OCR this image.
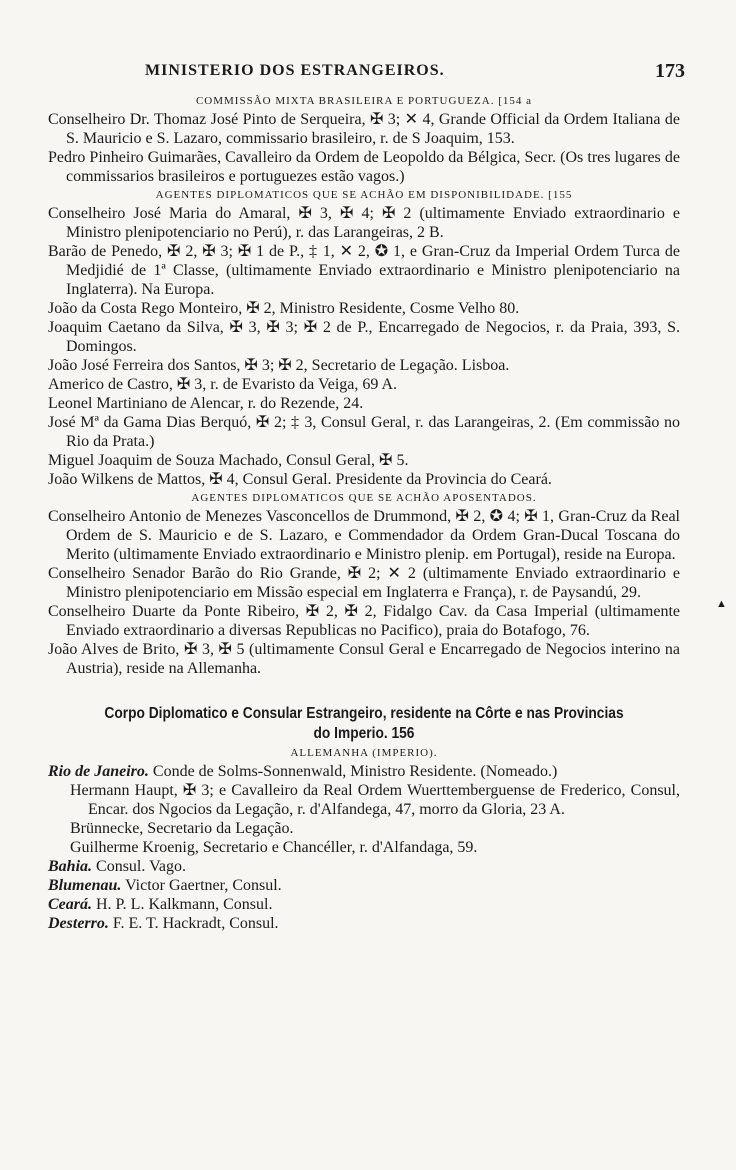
MINISTERIO DOS ESTRANGEIROS.	173
COMMISSÃO MIXTA BRASILEIRA E PORTUGUEZA. [154 a
Conselheiro Dr. Thomaz José Pinto de Serqueira, ✠ 3; ✕ 4, Grande Official da Ordem Italiana de S. Mauricio e S. Lazaro, commissario brasileiro, r. de S Joaquim, 153.
Pedro Pinheiro Guimarães, Cavalleiro da Ordem de Leopoldo da Bélgica, Secr. (Os tres lugares de commissarios brasileiros e portuguezes estão vagos.)
AGENTES DIPLOMATICOS QUE SE ACHÃO EM DISPONIBILIDADE. [155
Conselheiro José Maria do Amaral, ✠ 3, ✠ 4; ✠ 2 (ultimamente Enviado extraordinario e Ministro plenipotenciario no Perú), r. das Larangeiras, 2 B.
Barão de Penedo, ✠ 2, ✠ 3; ✠ 1 de P., ‡ 1, ✕ 2, ✪ 1, e Gran-Cruz da Imperial Ordem Turca de Medjidié de 1ª Classe, (ultimamente Enviado extraordinario e Ministro plenipotenciario na Inglaterra). Na Europa.
João da Costa Rego Monteiro, ✠ 2, Ministro Residente, Cosme Velho 80.
Joaquim Caetano da Silva, ✠ 3, ✠ 3; ✠ 2 de P., Encarregado de Negocios, r. da Praia, 393, S. Domingos.
João José Ferreira dos Santos, ✠ 3; ✠ 2, Secretario de Legação. Lisboa.
Americo de Castro, ✠ 3, r. de Evaristo da Veiga, 69 A.
Leonel Martiniano de Alencar, r. do Rezende, 24.
José Mª da Gama Dias Berquó, ✠ 2; ‡ 3, Consul Geral, r. das Larangeiras, 2. (Em commissão no Rio da Prata.)
Miguel Joaquim de Souza Machado, Consul Geral, ✠ 5.
João Wilkens de Mattos, ✠ 4, Consul Geral. Presidente da Provincia do Ceará.
AGENTES DIPLOMATICOS QUE SE ACHÃO APOSENTADOS.
Conselheiro Antonio de Menezes Vasconcellos de Drummond, ✠ 2, ✪ 4; ✠ 1, Gran-Cruz da Real Ordem de S. Mauricio e de S. Lazaro, e Commendador da Ordem Gran-Ducal Toscana do Merito (ultimamente Enviado extraordinario e Ministro plenip. em Portugal), reside na Europa.
Conselheiro Senador Barão do Rio Grande, ✠ 2; ✕ 2 (ultimamente Enviado extraordinario e Ministro plenipotenciario em Missão especial em Inglaterra e França), r. de Paysandú, 29.
Conselheiro Duarte da Ponte Ribeiro, ✠ 2, ✠ 2, Fidalgo Cav. da Casa Imperial (ultimamente Enviado extraordinario a diversas Republicas no Pacifico), praia do Botafogo, 76.
João Alves de Brito, ✠ 3, ✠ 5 (ultimamente Consul Geral e Encarregado de Negocios interino na Austria), reside na Allemanha.
Corpo Diplomatico e Consular Estrangeiro, residente na Côrte e nas Provincias
do Imperio. 156
ALLEMANHA (IMPERIO).
Rio de Janeiro. Conde de Solms-Sonnenwald, Ministro Residente. (Nomeado.)
Hermann Haupt, ✠ 3; e Cavalleiro da Real Ordem Wuerttemberguense de Frederico, Consul, Encar. dos Ngocios da Legação, r. d'Alfandega, 47, morro da Gloria, 23 A.
Brünnecke, Secretario da Legação.
Guilherme Kroenig, Secretario e Chancéller, r. d'Alfandaga, 59.
Bahia. Consul. Vago.
Blumenau. Victor Gaertner, Consul.
Ceará. H. P. L. Kalkmann, Consul.
Desterro. F. E. T. Hackradt, Consul.
▲
